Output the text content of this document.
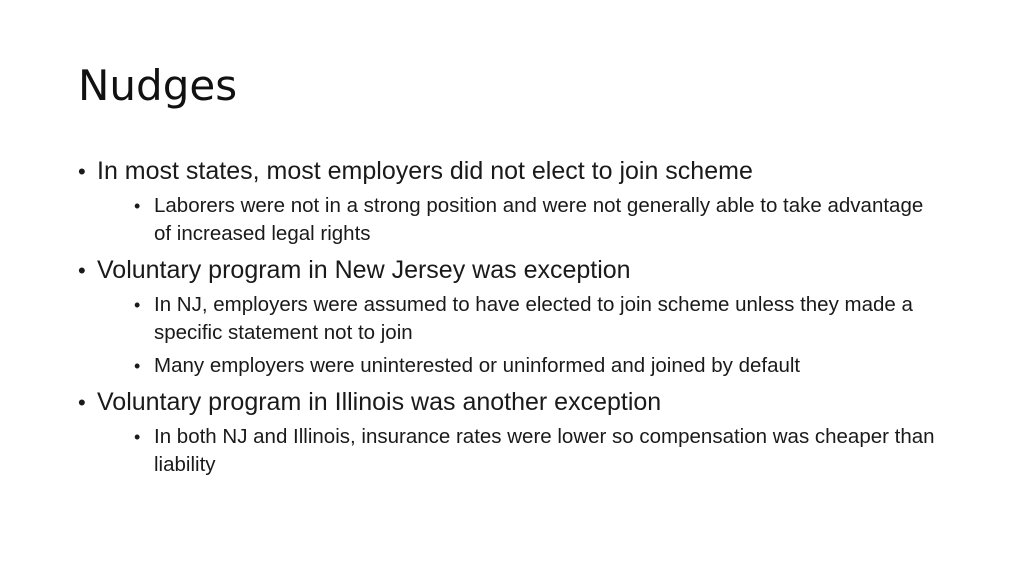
Nudges
• In most states, most employers did not elect to join scheme
• Laborers were not in a strong position and were not generally able to take advantage of increased legal rights
• Voluntary program in New Jersey was exception
• In NJ, employers were assumed to have elected to join scheme unless they made a specific statement not to join
• Many employers were uninterested or uninformed and joined by default
• Voluntary program in Illinois was another exception
• In both NJ and Illinois, insurance rates were lower so compensation was cheaper than liability
